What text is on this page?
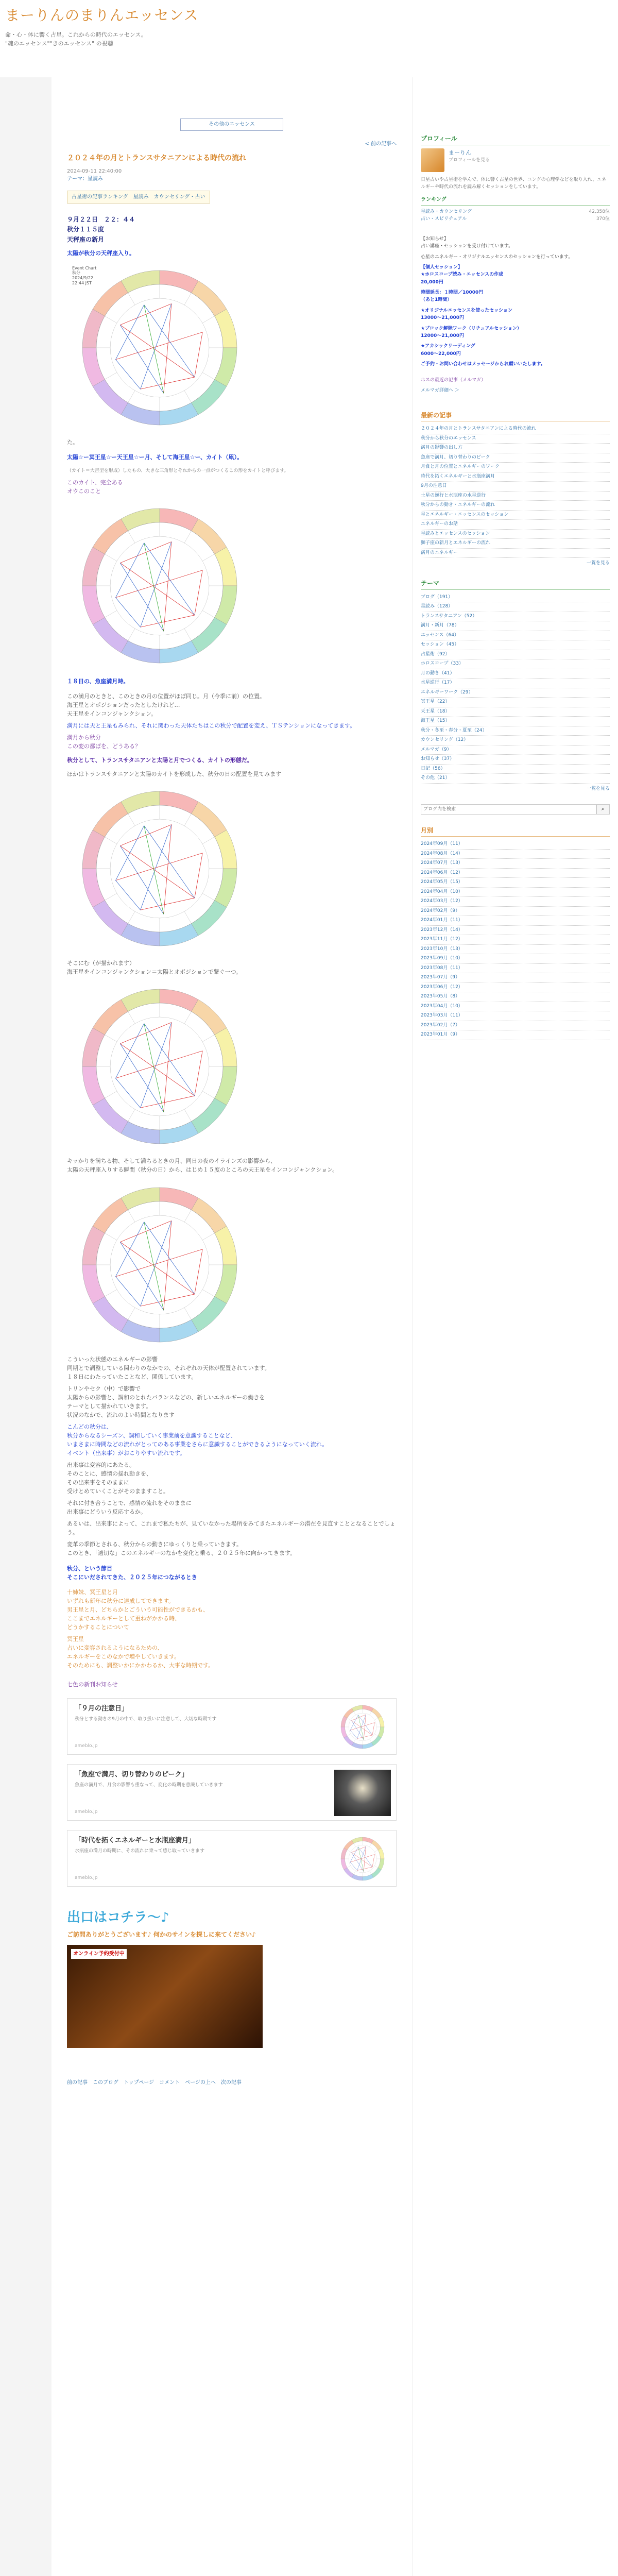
まーりんのまりんエッセンス
命・心・体に響く占星。これからの時代のエッセンス。
"魂のエッセンス""きのエッセンス" の視聴
その他のエッセンス
< 前の記事へ
２０２４年の月とトランスサタニアンによる時代の流れ
2024-09-11 22:40:00
テーマ：星読み
占星術の記事ランキング　星読み　カウンセリング・占い
９月２２日　２２：４４
秋分１１５度
天秤座の新月

太陽が秋分の天秤座入り。

Event Chart
秋分
2024/9/22
22:44 JST

た。

太陽☆ー冥王星☆ー天王星☆ー月、そして海王星☆ー、カイト（凧）。

（カイト＝大吉型を形成）したもの、大きな三角形とそれからの一点がつくるこの形をカイトと呼びます。

このカイト、完全ある
オウこのこと

１８日の、魚座満月時。

この満月のときと、このときの月の位置がほぼ同じ。月（今季に前）の位置。
海王星とオポジションだったとしたけれど…
天王星をインコンジャンクション。

満月には天と王星もみられ、それに関わった天体たちはこの秋分で配置を変え、ＴＳテンションになってきます。

満月から秋分
この変の都ぼを、どうある？

秋分として、トランスサタニアンと太陽と月でつくる、カイトの形態だ。

ほかはトランスサタニアンと太陽のカイトを形成した、秋分の日の配置を見てみます

そこにむ（が描かれます）
海王星をインコンジャンクション＝太陽とオポジションで繋ぐ一つ。

キッかりを満ちる物、そして満ちるときの月、同日の夜のイラインズの影響から、
太陽の天秤座入りする瞬間（秋分の日）から、はじめ１５度のところの天王星をインコンジャンクション。

こういった状態のエネルギーの影響
同期とで調整している関わりのなかでの、それぞれの天体が配置されています。
１８日にわたっていたことなど、関係しています。

トリンやセク（中）で影響で
太陽からの影響と、調和のとれたバランスなどの、新しいエネルギーの働きを
テーマとして描かれていきます。
状況のなかで、流れのよい時間となります

こんどの秋分は、
秋分からなるシーズン、調和していく事業前を意識することなど、
いまさまに時間などの流れがとってのある事業をさらに意識することができるようになっていく流れ。
イベント（出来事）がおこりやすい流れです。

出来事は変容的にあたる。
そのことに、感情の揺れ動きを、
その出来事をそのままに
受けとめていくことがそのまますこと。

それに付き合うことで、感情の流れをそのままに
出来事にどういう反応するか。

あるいは、出来事によって、これまで私たちが、見ていなかった場所をみてきたエネルギーの潜在を見直すこととなることでしょう。

変革の季節とされる、秋分からの動きにゆっくりと乗っていきます。
このとき、「適切な」このエネルギーのなかを変化と乗る、２０２５年に向かってきます。

秋分、という節目
そこにいだされてきた、２０２５年につながるとき

十姉妹、冥王星と月
いずれも新年に秋分に達成してできます。
男王星と月、どちらかとごういう可能性ができるかも、
ここまでエネルギーとして重ねがかかる時、
どうかすることについて

冥王星
占いに変容されるようになるための、
エネルギーをこのなかで増やしていきます。
そのためにも、調整いかにかかわるか、大事な時期です。

七色の新刊お知らせ

「９月の注意日」
秋分とする動きの9月の中で、取り扱いに注意して、大切な時期です
ameblo.jp
「魚座で満月、切り替わりのピーク」
魚座の満月で、月食の影響も重なって、変化の時期を意識していきます
ameblo.jp
「時代を拓くエネルギーと水瓶座満月」
水瓶座の満月の時期に、その流れに乗って感じ取っていきます
ameblo.jp
出口はコチラ～♪
ご訪問ありがとうございます♪ 何かのサインを探しに来てください♪
オンライン予約受付中
前の記事　このブログ　トップページ　コメント　ページの上へ　次の記事
プロフィール
まーりん
プロフィールを見る
日星占いや占星術を学んで、体に響く占星の世界、ユングの心理学などを取り入れ、エネルギーや時代の流れを読み解くセッションをしています。
ランキング
星読み・カウンセリング	42,358位
占い・スピリチュアル	370位
【お知らせ】
占い講座・セッションを受け付けています。
心星のエネルギー・オリジナルエッセンスのセッションを行っています。
【個人セッション】
★ホロスコープ読み・エッセンスの作成
20,000円
時間延長：１時間／10000円
（あと1時間）
★オリジナルエッセンスを使ったセッション
13000～21,000円
★ブロック解除ワーク（リチュアルセッション）
12000～21,000円
★アカシックリーディング
6000～22,000円
ご予約・お問い合わせはメッセージからお願いいたします。
ホスの最近の記事（メルマガ）
メルマガ詳細へ ＞
最新の記事
２０２４年の月とトランスサタニアンによる時代の流れ
秋分から秋分のエッセンス
満月の影響の出し方
魚座で満月、切り替わりのピーク
月食と月の位置とエネルギーのワーク
時代を拓くエネルギーと水瓶座満月
9月の注意日
土星の逆行と水瓶座の水星逆行
秋分からの動き・エネルギーの流れ
星とエネルギー・エッセンスのセッション
エネルギーのお話
星読みとエッセンスのセッション
獅子座の新月とエネルギーの流れ
満月のエネルギー
一覧を見る
テーマ
ブログ（191）
星読み（128）
トランスサタニアン（52）
満月・新月（78）
エッセンス（64）
セッション（45）
占星術（92）
ホロスコープ（33）
月の動き（41）
水星逆行（17）
エネルギーワーク（29）
冥王星（22）
天王星（18）
海王星（15）
秋分・冬至・春分・夏至（24）
カウンセリング（12）
メルマガ（9）
お知らせ（37）
日記（56）
その他（21）
一覧を見る
ブログ内を検索
⌕
月別
2024年09月（11）
2024年08月（14）
2024年07月（13）
2024年06月（12）
2024年05月（15）
2024年04月（10）
2024年03月（12）
2024年02月（9）
2024年01月（11）
2023年12月（14）
2023年11月（12）
2023年10月（13）
2023年09月（10）
2023年08月（11）
2023年07月（9）
2023年06月（12）
2023年05月（8）
2023年04月（10）
2023年03月（11）
2023年02月（7）
2023年01月（9）
